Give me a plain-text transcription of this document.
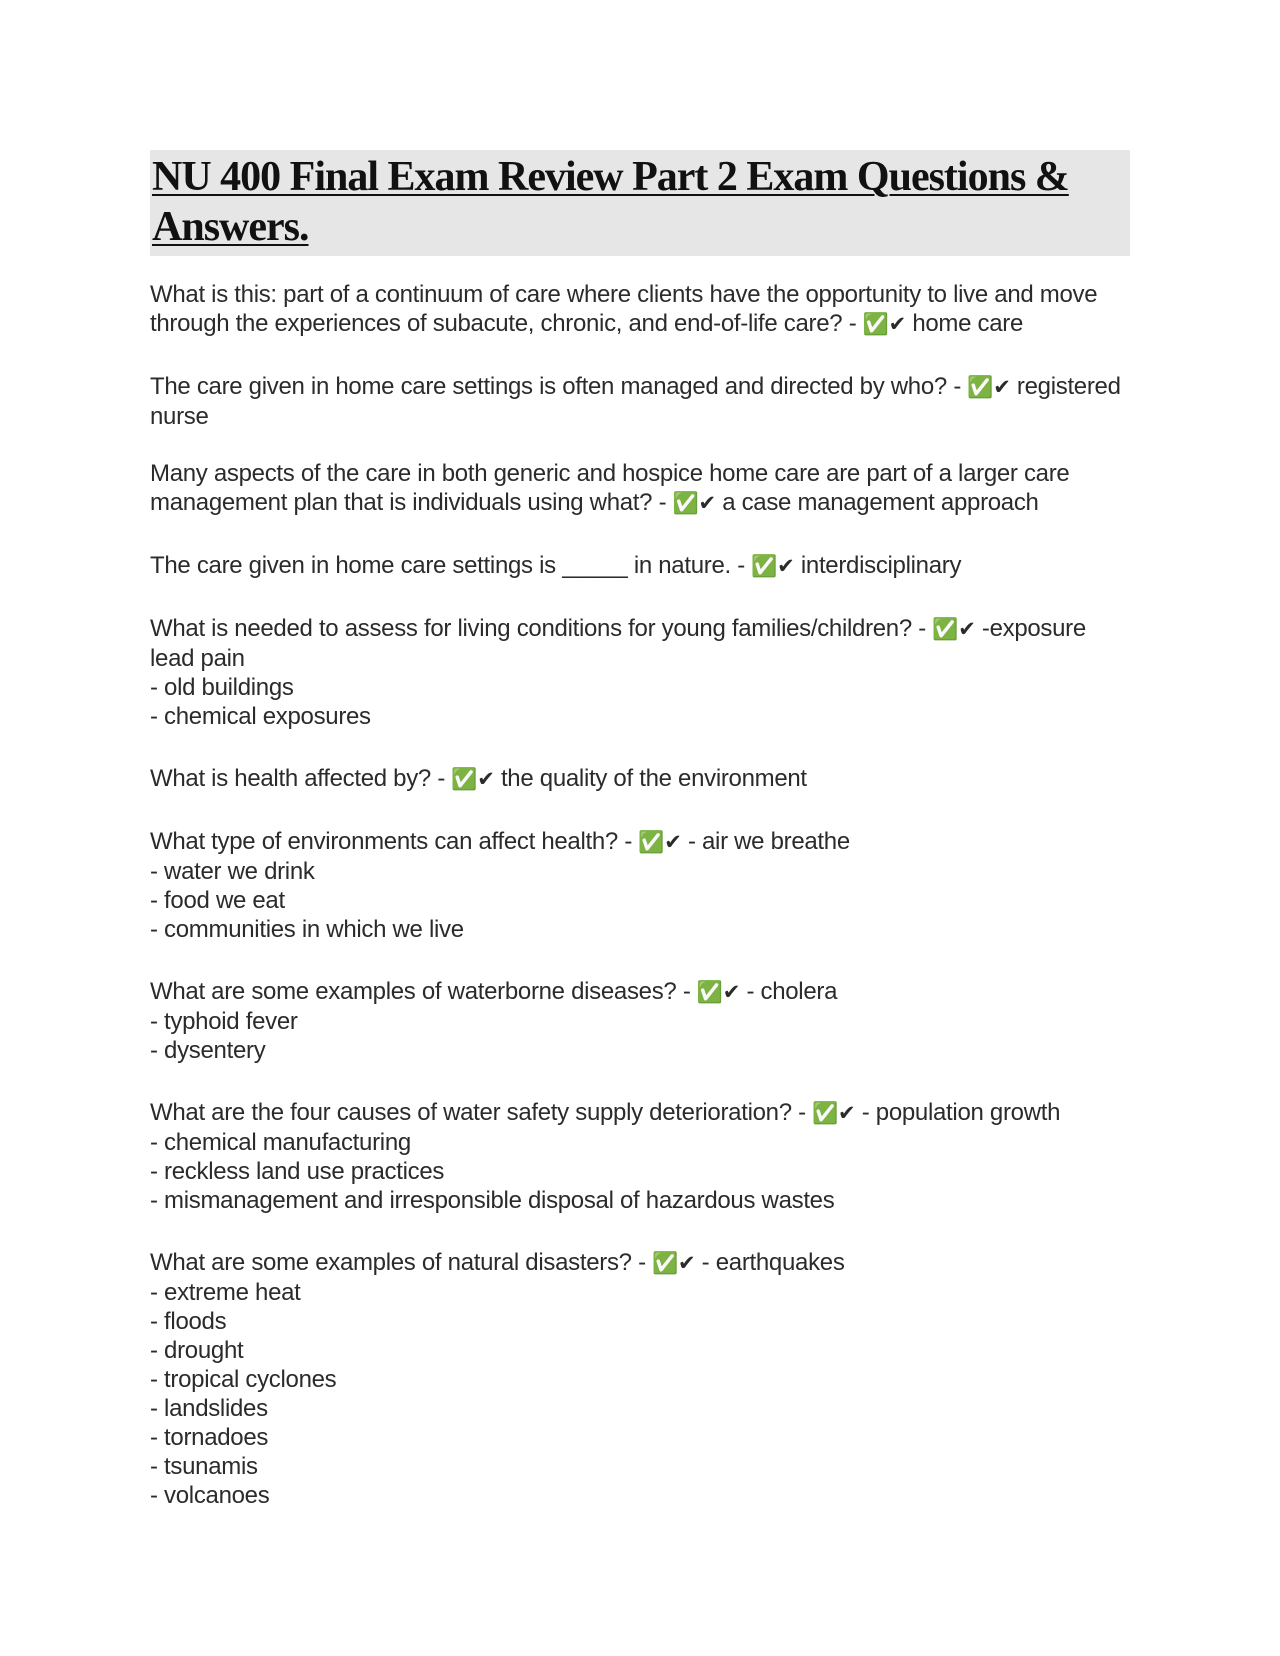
NU 400 Final Exam Review Part 2 Exam Questions & Answers.
What is this: part of a continuum of care where clients have the opportunity to live and move through the experiences of subacute, chronic, and end-of-life care? - ✅✔ home care
The care given in home care settings is often managed and directed by who? - ✅✔ registered nurse
Many aspects of the care in both generic and hospice home care are part of a larger care management plan that is individuals using what? - ✅✔ a case management approach
The care given in home care settings is _____ in nature. - ✅✔ interdisciplinary
What is needed to assess for living conditions for young families/children? - ✅✔ -exposure lead pain
- old buildings
- chemical exposures
What is health affected by? - ✅✔ the quality of the environment
What type of environments can affect health? - ✅✔ - air we breathe
- water we drink
- food we eat
- communities in which we live
What are some examples of waterborne diseases? - ✅✔ - cholera
- typhoid fever
- dysentery
What are the four causes of water safety supply deterioration? - ✅✔ - population growth
- chemical manufacturing
- reckless land use practices
- mismanagement and irresponsible disposal of hazardous wastes
What are some examples of natural disasters? - ✅✔ - earthquakes
- extreme heat
- floods
- drought
- tropical cyclones
- landslides
- tornadoes
- tsunamis
- volcanoes
